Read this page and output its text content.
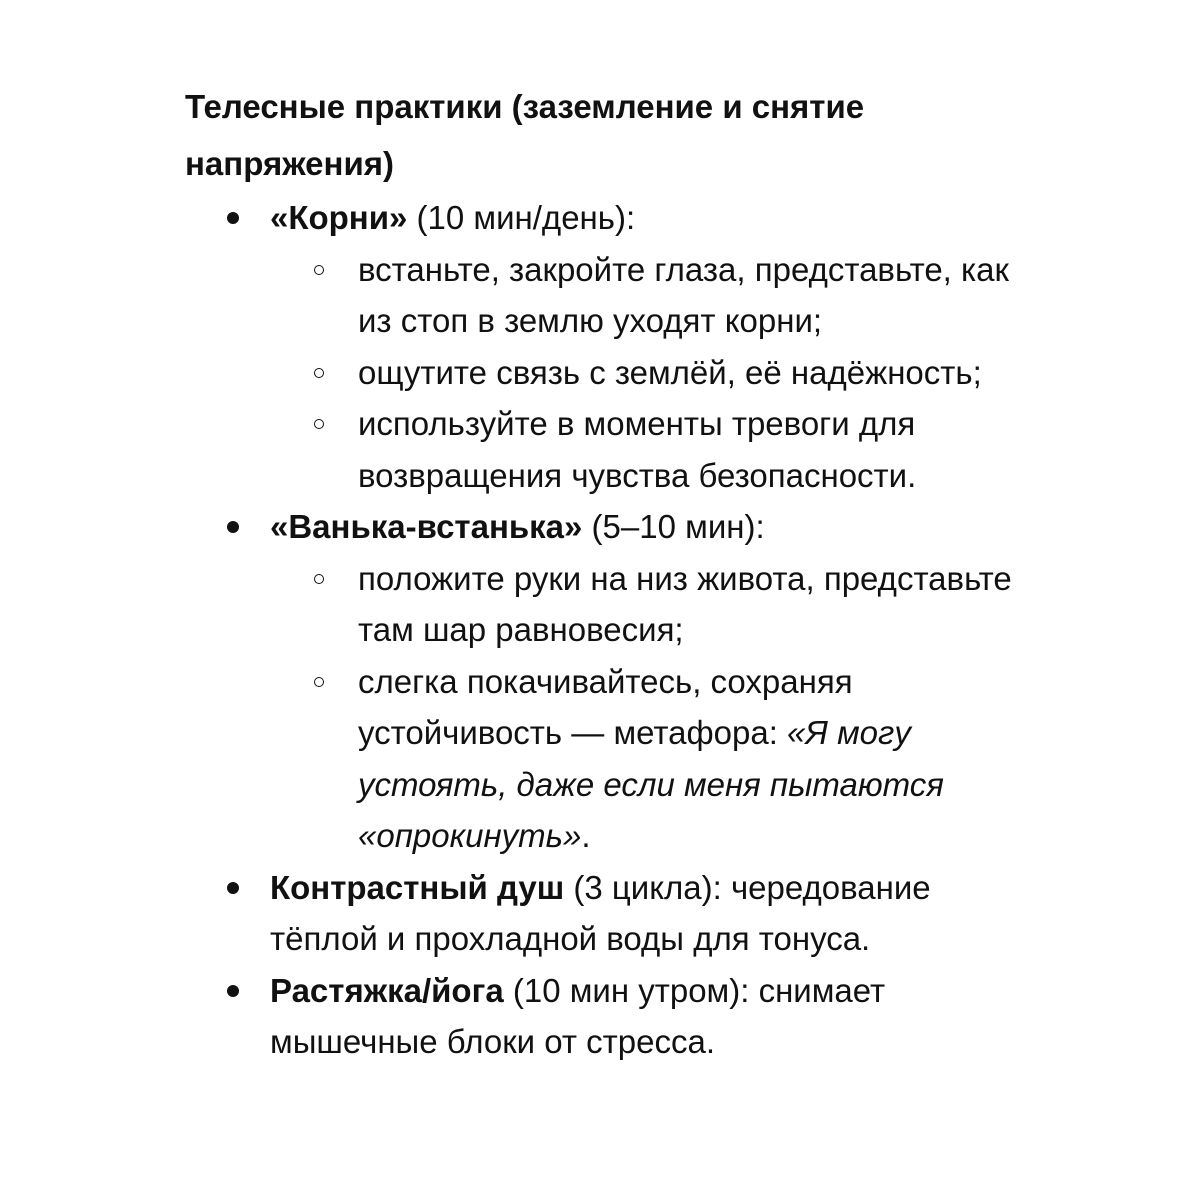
Телесные практики (заземление и снятие напряжения)
«Корни» (10 мин/день):
встаньте, закройте глаза, представьте, как из стоп в землю уходят корни;
ощутите связь с землёй, её надёжность;
используйте в моменты тревоги для возвращения чувства безопасности.
«Ванька-встанька» (5–10 мин):
положите руки на низ живота, представьте там шар равновесия;
слегка покачивайтесь, сохраняя устойчивость — метафора: «Я могу устоять, даже если меня пытаются «опрокинуть».
Контрастный душ (3 цикла): чередование тёплой и прохладной воды для тонуса.
Растяжка/йога (10 мин утром): снимает мышечные блоки от стресса.
